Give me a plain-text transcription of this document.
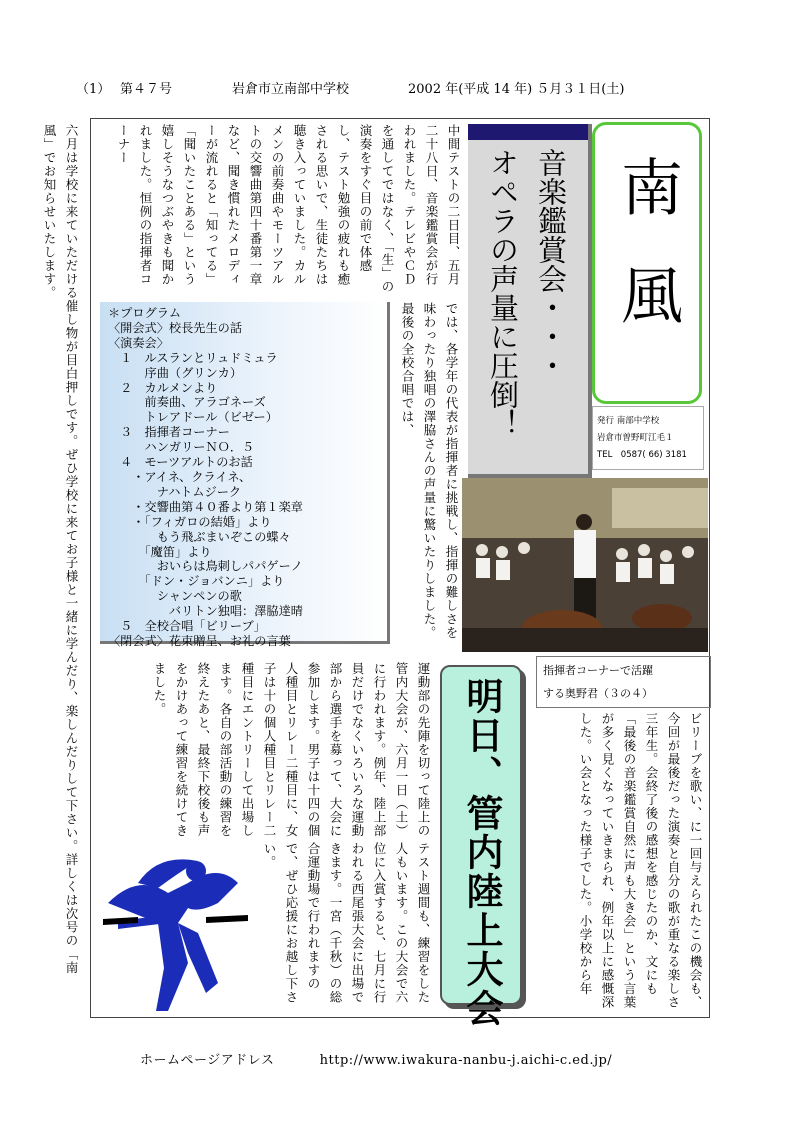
（1） 第４７号	岩倉市立南部中学校	2002 年(平成 14 年) ５月３１日(土)
六月は学校に来ていただける催し物が目白押しです。ぜひ学校に来てお子様と一緒に学んだり、楽しんだりして下さい。詳しくは次号の「南
風」でお知らせいたします。	中間テストの二日目、五月二十八日、音楽鑑賞会が行われました。テレビやＣＤを通してではなく、「生」の演奏をすぐ目の前で体感し、テスト勉強の疲れも癒される思いで、生徒たちは聴き入っていました。カルメンの前奏曲やモーツアルトの交響曲第四十番第一章など、聞き慣れたメロディーが流れると「知ってる」「聞いたことある」という嬉しそうなつぶやきも聞かれました。恒例の指揮者コーナー
では、各学年の代表が指揮者に挑戦し、指揮の難しさを味わったり独唱の澤脇さんの声量に驚いたりしました。最後の全校合唱では、
＊プログラム
〈開会式〉校長先生の話
〈演奏会〉
　１　ルスランとリュドミュラ
　　　序曲（グリンカ）
　２　カルメンより
　　　前奏曲、アラゴネーズ
　　　トレアドール（ビゼー）
　３　指揮者コーナー
　　　ハンガリーＮＯ．５
　４　モーツアルトのお話
　　・アイネ、クライネ、
　　　　ナハトムジーク
　　・交響曲第４０番より第１楽章
　　・「フィガロの結婚」より
　　　　もう飛ぶまいぞこの蝶々
　　　「魔笛」より
　　　　おいらは鳥刺しパパゲーノ
　　　「ドン・ジョバンニ」より
　　　　シャンペンの歌
　　　　　バリトン独唱：澤脇達晴
　５　全校合唱「ビリーブ」
〈閉会式〉花束贈呈、お礼の言葉
音楽鑑賞会・・・
オペラの声量に圧倒！ 南風
発行 南部中学校
岩倉市曽野町江毛１
TEL　0587( 66) 3181
指揮者コーナーで活躍
する奥野君（３の４）
ビリーブを歌い、に一回与えられたこの機会も、今回が最後だった演奏と自分の歌が重なる楽しさ三年生。会終了後の感想を感じたのか、文にも「最後の音楽鑑賞自然に声も大き会」という言葉が多く見くなっていきまられ、例年以上に感慨深した。い会となった様子でした。小学校から年
明日、管内陸上大会
運動部の先陣を切って陸上の管内大会が、六月一日（土）に行われます。例年、陸上部員だけでなくいろいろな運動部から選手を募って、大会に参加します。男子は十四の個人種目とリレー二種目に、女子は十の個人種目とリレー二種目にエントリーして出場します。各自の部活動の練習を終えたあと、最終下校後も声をかけあって練習を続けてきました。
テスト週間も、練習をした人もいます。この大会で六位に入賞すると、七月に行われる西尾張大会に出場できます。一宮（千秋）の総合運動場で行われますので、ぜひ応援にお越し下さい。
ホームページアドレス	http://www.iwakura-nanbu-j.aichi-c.ed.jp/
